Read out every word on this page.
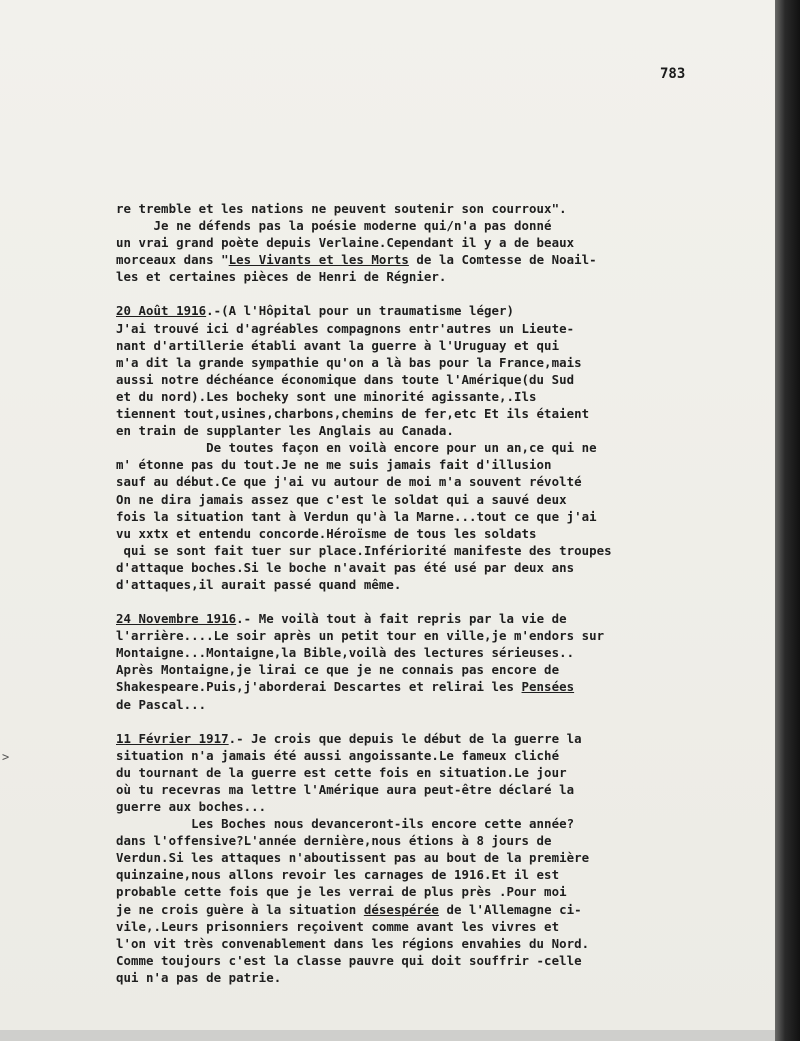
783
>
re tremble et les nations ne peuvent soutenir son courroux".
Je ne défends pas la poésie moderne qui/n'a pas donné
un vrai grand poète depuis Verlaine.Cependant il y a de beaux
morceaux dans "Les Vivants et les Morts de la Comtesse de Noail-
les et certaines pièces de Henri de Régnier.
20 Août 1916.-(A l'Hôpital pour un traumatisme léger)
J'ai trouvé ici d'agréables compagnons entr'autres un Lieute-
nant d'artillerie établi avant la guerre à l'Uruguay et qui
m'a dit la grande sympathie qu'on a là bas pour la France,mais
aussi notre déchéance économique dans toute l'Amérique(du Sud
et du nord).Les bocheky sont une minorité agissante,.Ils
tiennent tout,usines,charbons,chemins de fer,etc Et ils étaient
en train de supplanter les Anglais au Canada.
De toutes façon en voilà encore pour un an,ce qui ne
m' étonne pas du tout.Je ne me suis jamais fait d'illusion
sauf au début.Ce que j'ai vu autour de moi m'a souvent révolté
On ne dira jamais assez que c'est le soldat qui a sauvé deux
fois la situation tant à Verdun qu'à la Marne...tout ce que j'ai
vu xxtx et entendu concorde.Héroïsme de tous les soldats
qui se sont fait tuer sur place.Infériorité manifeste des troupes
d'attaque boches.Si le boche n'avait pas été usé par deux ans
d'attaques,il aurait passé quand même.
24 Novembre 1916.- Me voilà tout à fait repris par la vie de
l'arrière....Le soir après un petit tour en ville,je m'endors sur
Montaigne...Montaigne,la Bible,voilà des lectures sérieuses..
Après Montaigne,je lirai ce que je ne connais pas encore de
Shakespeare.Puis,j'aborderai Descartes et relirai les Pensées
de Pascal...
11 Février 1917.- Je crois que depuis le début de la guerre la
situation n'a jamais été aussi angoissante.Le fameux cliché
du tournant de la guerre est cette fois en situation.Le jour
où tu recevras ma lettre l'Amérique aura peut-être déclaré la
guerre aux boches...
Les Boches nous devanceront-ils encore cette année?
dans l'offensive?L'année dernière,nous étions à 8 jours de
Verdun.Si les attaques n'aboutissent pas au bout de la première
quinzaine,nous allons revoir les carnages de 1916.Et il est
probable cette fois que je les verrai de plus près .Pour moi
je ne crois guère à la situation désespérée de l'Allemagne ci-
vile,.Leurs prisonniers reçoivent comme avant les vivres et
l'on vit très convenablement dans les régions envahies du Nord.
Comme toujours c'est la classe pauvre qui doit souffrir -celle
qui n'a pas de patrie.
